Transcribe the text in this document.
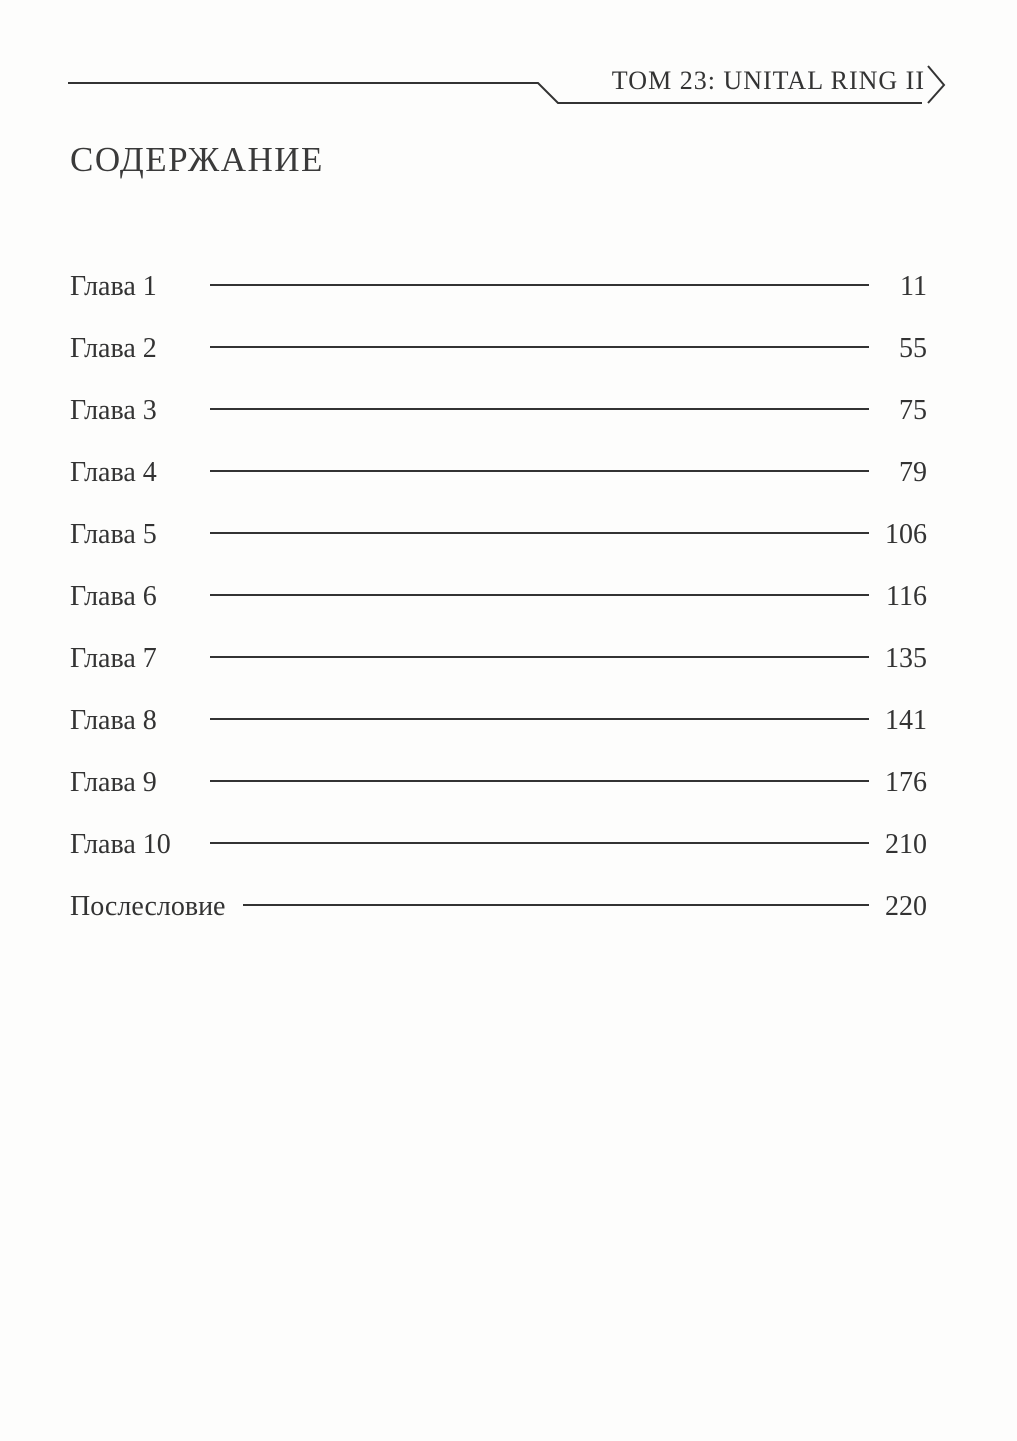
ТОМ 23: UNITAL RING II
СОДЕРЖАНИЕ
Глава 1	11
Глава 2	55
Глава 3	75
Глава 4	79
Глава 5	106
Глава 6	116
Глава 7	135
Глава 8	141
Глава 9	176
Глава 10	210
Послесловие	220
